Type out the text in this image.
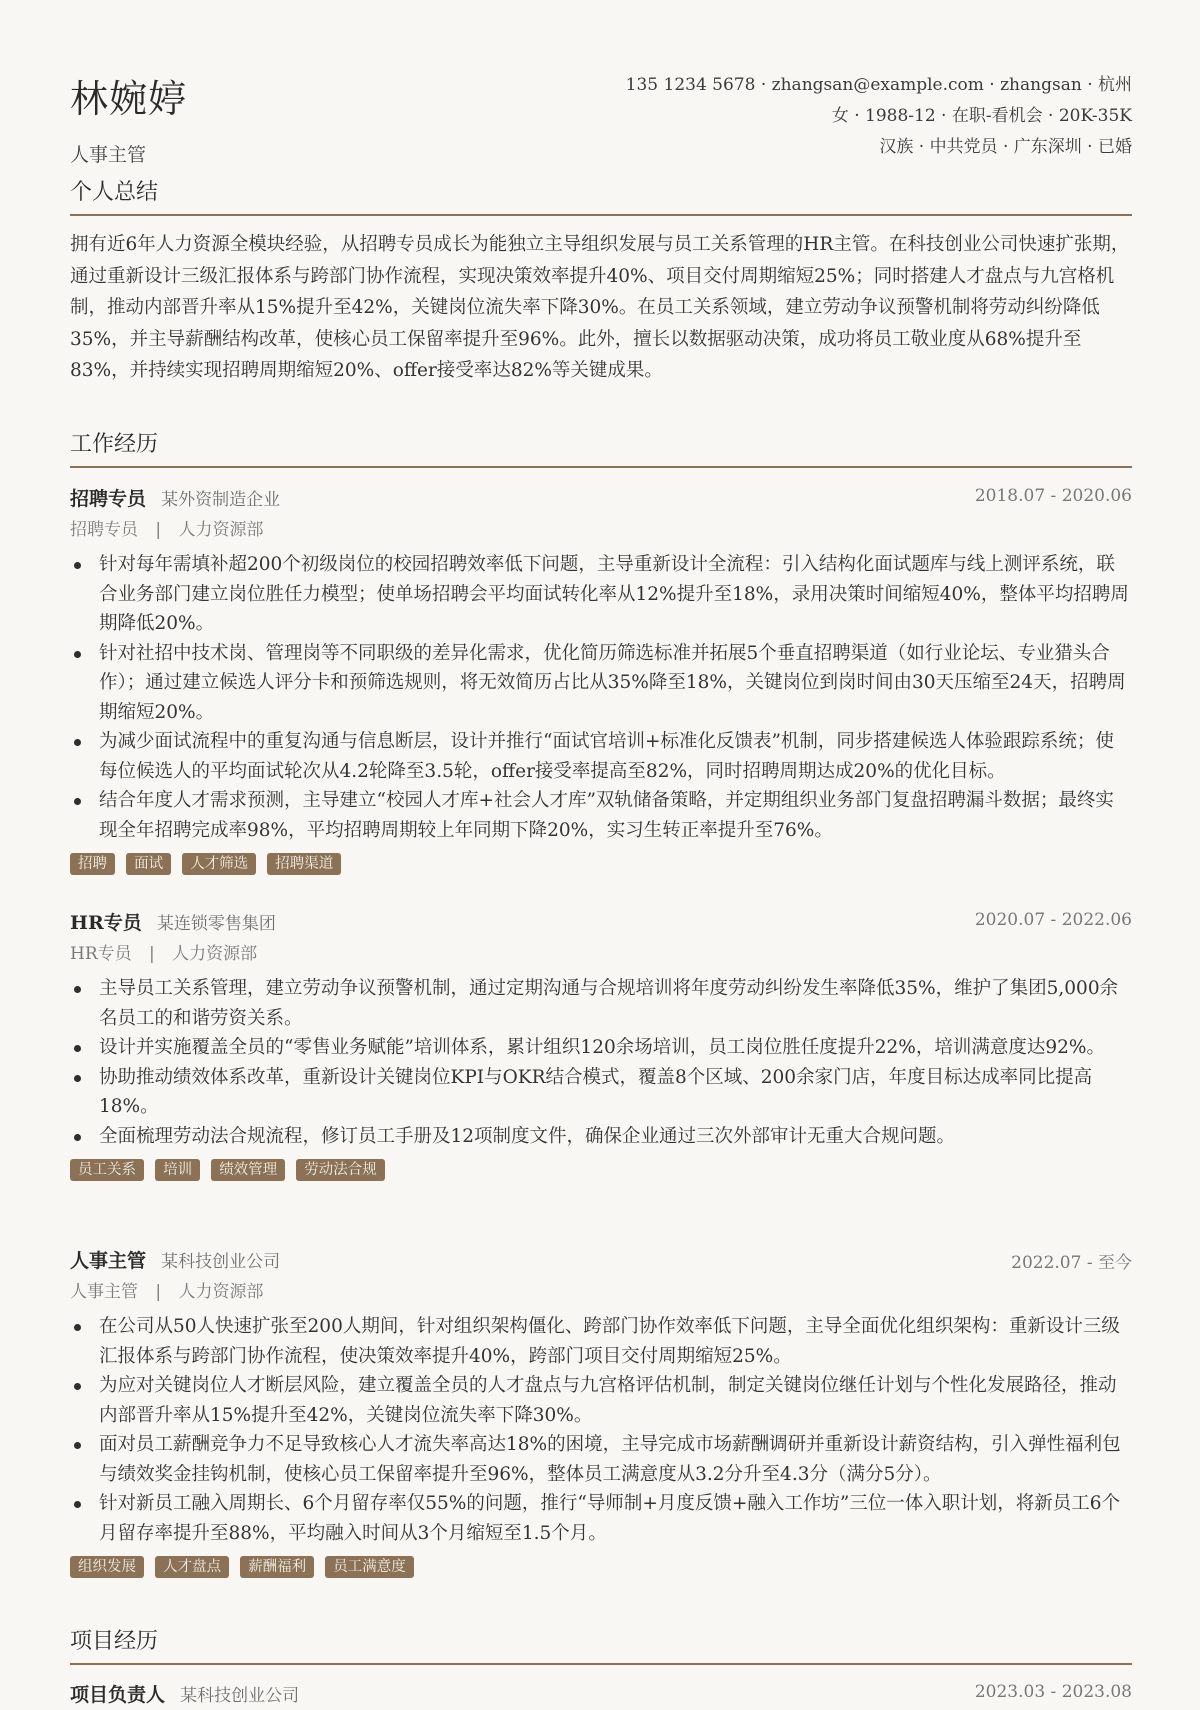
林婉婷
人事主管
135 1234 5678 · zhangsan@example.com · zhangsan · 杭州
女 · 1988-12 · 在职-看机会 · 20K-35K
汉族 · 中共党员 · 广东深圳 · 已婚
个人总结
拥有近6年人力资源全模块经验，从招聘专员成长为能独立主导组织发展与员工关系管理的HR主管。在科技创业公司快速扩张期，通过重新设计三级汇报体系与跨部门协作流程，实现决策效率提升40%、项目交付周期缩短25%；同时搭建人才盘点与九宫格机制，推动内部晋升率从15%提升至42%，关键岗位流失率下降30%。在员工关系领域，建立劳动争议预警机制将劳动纠纷降低35%，并主导薪酬结构改革，使核心员工保留率提升至96%。此外，擅长以数据驱动决策，成功将员工敬业度从68%提升至83%，并持续实现招聘周期缩短20%、offer接受率达82%等关键成果。
工作经历
招聘专员 某外资制造企业	2018.07 - 2020.06
招聘专员 | 人力资源部
针对每年需填补超200个初级岗位的校园招聘效率低下问题，主导重新设计全流程：引入结构化面试题库与线上测评系统，联合业务部门建立岗位胜任力模型；使单场招聘会平均面试转化率从12%提升至18%，录用决策时间缩短40%，整体平均招聘周期降低20%。
针对社招中技术岗、管理岗等不同职级的差异化需求，优化简历筛选标准并拓展5个垂直招聘渠道（如行业论坛、专业猎头合作）；通过建立候选人评分卡和预筛选规则，将无效简历占比从35%降至18%，关键岗位到岗时间由30天压缩至24天，招聘周期缩短20%。
为减少面试流程中的重复沟通与信息断层，设计并推行“面试官培训+标准化反馈表”机制，同步搭建候选人体验跟踪系统；使每位候选人的平均面试轮次从4.2轮降至3.5轮，offer接受率提高至82%，同时招聘周期达成20%的优化目标。
结合年度人才需求预测，主导建立“校园人才库+社会人才库”双轨储备策略，并定期组织业务部门复盘招聘漏斗数据；最终实现全年招聘完成率98%，平均招聘周期较上年同期下降20%，实习生转正率提升至76%。
招聘 面试 人才筛选 招聘渠道
HR专员 某连锁零售集团	2020.07 - 2022.06
HR专员 | 人力资源部
主导员工关系管理，建立劳动争议预警机制，通过定期沟通与合规培训将年度劳动纠纷发生率降低35%，维护了集团5,000余名员工的和谐劳资关系。
设计并实施覆盖全员的“零售业务赋能”培训体系，累计组织120余场培训，员工岗位胜任度提升22%，培训满意度达92%。
协助推动绩效体系改革，重新设计关键岗位KPI与OKR结合模式，覆盖8个区域、200余家门店，年度目标达成率同比提高18%。
全面梳理劳动法合规流程，修订员工手册及12项制度文件，确保企业通过三次外部审计无重大合规问题。
员工关系 培训 绩效管理 劳动法合规
人事主管 某科技创业公司	2022.07 - 至今
人事主管 | 人力资源部
在公司从50人快速扩张至200人期间，针对组织架构僵化、跨部门协作效率低下问题，主导全面优化组织架构：重新设计三级汇报体系与跨部门协作流程，使决策效率提升40%，跨部门项目交付周期缩短25%。
为应对关键岗位人才断层风险，建立覆盖全员的人才盘点与九宫格评估机制，制定关键岗位继任计划与个性化发展路径，推动内部晋升率从15%提升至42%，关键岗位流失率下降30%。
面对员工薪酬竞争力不足导致核心人才流失率高达18%的困境，主导完成市场薪酬调研并重新设计薪资结构，引入弹性福利包与绩效奖金挂钩机制，使核心员工保留率提升至96%，整体员工满意度从3.2分升至4.3分（满分5分）。
针对新员工融入周期长、6个月留存率仅55%的问题，推行“导师制+月度反馈+融入工作坊”三位一体入职计划，将新员工6个月留存率提升至88%，平均融入时间从3个月缩短至1.5个月。
组织发展 人才盘点 薪酬福利 员工满意度
项目经历
项目负责人 某科技创业公司	2023.03 - 2023.08
